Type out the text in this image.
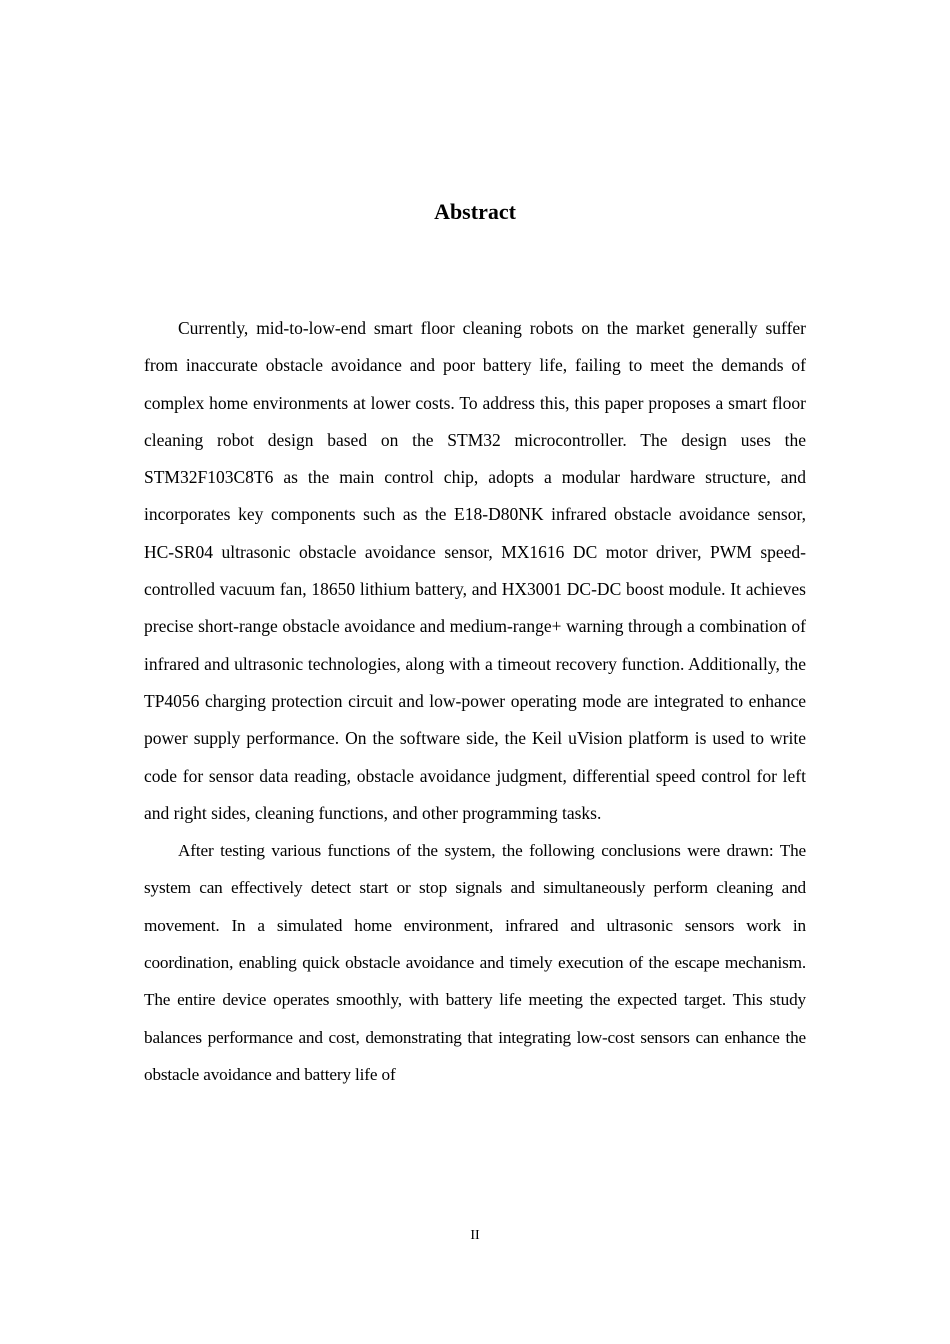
Abstract

Currently, mid-to-low-end smart floor cleaning robots on the market generally suffer from inaccurate obstacle avoidance and poor battery life, failing to meet the demands of complex home environments at lower costs. To address this, this paper proposes a smart floor cleaning robot design based on the STM32 microcontroller. The design uses the STM32F103C8T6 as the main control chip, adopts a modular hardware structure, and incorporates key components such as the E18-D80NK infrared obstacle avoidance sensor, HC-SR04 ultrasonic obstacle avoidance sensor, MX1616 DC motor driver, PWM speed-controlled vacuum fan, 18650 lithium battery, and HX3001 DC-DC boost module. It achieves precise short-range obstacle avoidance and medium-range+ warning through a combination of infrared and ultrasonic technologies, along with a timeout recovery function. Additionally, the TP4056 charging protection circuit and low-power operating mode are integrated to enhance power supply performance. On the software side, the Keil uVision platform is used to write code for sensor data reading, obstacle avoidance judgment, differential speed control for left and right sides, cleaning functions, and other programming tasks.

After testing various functions of the system, the following conclusions were drawn: The system can effectively detect start or stop signals and simultaneously perform cleaning and movement. In a simulated home environment, infrared and ultrasonic sensors work in coordination, enabling quick obstacle avoidance and timely execution of the escape mechanism. The entire device operates smoothly, with battery life meeting the expected target. This study balances performance and cost, demonstrating that integrating low-cost sensors can enhance the obstacle avoidance and battery life of

II
